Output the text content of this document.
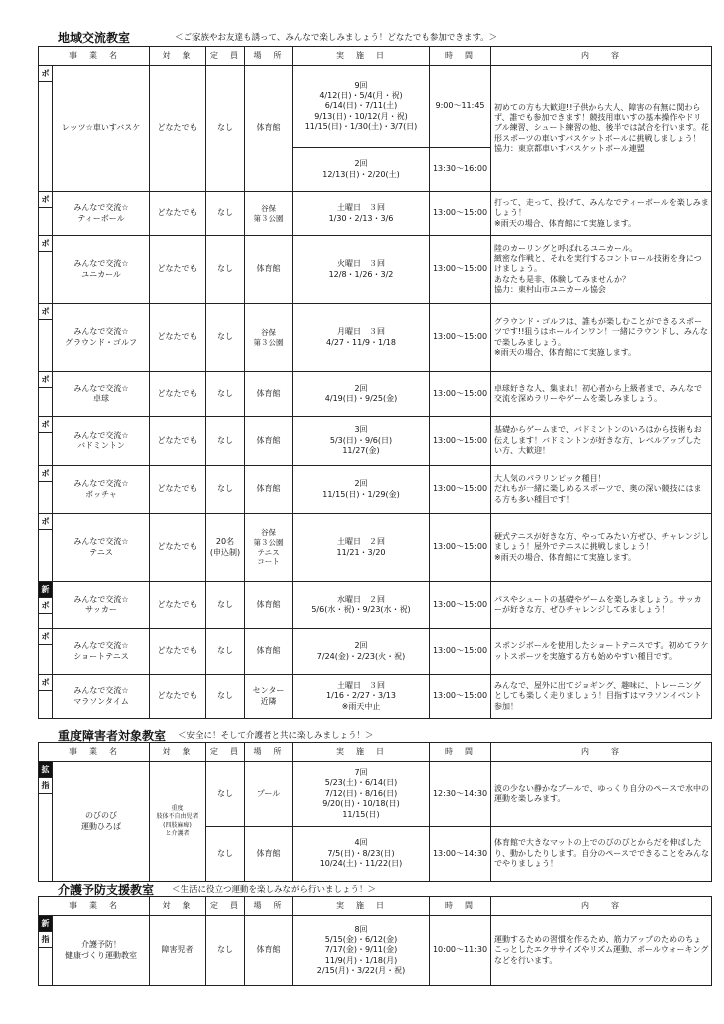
地域交流教室	＜ご家族やお友達も誘って、みんなで楽しみましょう！どなたでも参加できます。＞
事　業　名		対　象	定　員	場　所	実　施　日	時　間	内　　容

ボ	レッツ☆車いすバスケ	どなたでも	なし	体育館	9回
4/12(日)・5/4(月・祝)
6/14(日)・7/11(土)
9/13(日)・10/12(月・祝)
11/15(日)・1/30(土)・3/7(日)	9:00～11:45	初めての方も大歓迎!!子供から大人、障害の有無に関わらず、誰でも参加できます！競技用車いすの基本操作やドリブル練習、シュート練習の他、後半では試合を行います。花形スポーツの車いすバスケットボールに挑戦しましょう！
協力：東京都車いすバスケットボール連盟
					2回
12/13(日)・2/20(土)	13:30～16:00	

ボ	みんなで交流☆
ティーボール	どなたでも	なし	谷保
第３公園	土曜日　３回
1/30・2/13・3/6	13:00～15:00	打って、走って、投げて、みんなでティーボールを楽しみましょう！
※雨天の場合、体育館にて実施します。

ボ	みんなで交流☆
ユニカール	どなたでも	なし	体育館	火曜日　３回
12/8・1/26・3/2	13:00～15:00	陸のカーリングと呼ばれるユニカール。
緻密な作戦と、それを実行するコントロール技術を身につけましょう。
あなたも是非、体験してみませんか？
協力：東村山市ユニカール協会

ボ	みんなで交流☆
グラウンド・ゴルフ	どなたでも	なし	谷保
第３公園	月曜日　３回
4/27・11/9・1/18	13:00～15:00	グラウンド・ゴルフは、誰もが楽しむことができるスポーツです!!狙うはホールインワン！一緒にラウンドし、みんなで楽しみましょう。
※雨天の場合、体育館にて実施します。

ボ	みんなで交流☆
卓球	どなたでも	なし	体育館	2回
4/19(日)・9/25(金)	13:00～15:00	卓球好きな人、集まれ！初心者から上級者まで、みんなで交流を深めラリーやゲームを楽しみましょう。

ボ	みんなで交流☆
バドミントン	どなたでも	なし	体育館	3回
5/3(日)・9/6(日)
11/27(金)	13:00～15:00	基礎からゲームまで、バドミントンのいろはから技術もお伝えします！バドミントンが好きな方、レベルアップしたい方、大歓迎！

ボ	みんなで交流☆
ボッチャ	どなたでも	なし	体育館	2回
11/15(日)・1/29(金)	13:00～15:00	大人気のパラリンピック種目！
だれもが一緒に楽しめるスポーツで、奥の深い競技にはまる方も多い種目です！

ボ	みんなで交流☆
テニス	どなたでも	20名
(申込制)	谷保
第３公園
テニス
コート	土曜日　２回
11/21・3/20	13:00～15:00	硬式テニスが好きな方、やってみたい方ぜひ、チャレンジしましょう！屋外でテニスに挑戦しましょう！
※雨天の場合、体育館にて実施します。

新
ボ	みんなで交流☆
サッカー	どなたでも	なし	体育館	水曜日　２回
5/6(水・祝)・9/23(水・祝)	13:00～15:00	パスやシュートの基礎やゲームを楽しみましょう。サッカーが好きな方、ぜひチャレンジしてみましょう！

ボ	みんなで交流☆
ショートテニス	どなたでも	なし	体育館	2回
7/24(金)・2/23(火・祝)	13:00～15:00	スポンジボールを使用したショートテニスです。初めてラケットスポーツを実施する方も始めやすい種目です。

ボ	みんなで交流☆
マラソンタイム	どなたでも	なし	センター
近隣	土曜日　３回
1/16・2/27・3/13
※雨天中止	13:00～15:00	みんなで、屋外に出てジョギング、趣味に、トレーニングとしても楽しく走りましょう！目指すはマラソンイベント参加！
重度障害者対象教室 ＜安全に！そして介護者と共に楽しみましょう！＞
事　業　名		対　象	定　員	場　所	実　施　日	時　間	内　　容

拡
指	のびのび
運動ひろば	重度
肢体不自由児者
(四肢麻痺)
と介護者	なし	プール	7回
5/23(土)・6/14(日)
7/12(日)・8/16(日)
9/20(日)・10/18(日)
11/15(日)	12:30～14:30	波の少ない静かなプールで、ゆっくり自分のペースで水中の運動を楽しみます。
			なし	体育館	4回
7/5(日)・8/23(日)
10/24(土)・11/22(日)	13:00～14:30	体育館で大きなマットの上でのびのびとからだを伸ばしたり、動かしたりします。自分のペースでできることをみんなでやりましょう！
介護予防支援教室 ＜生活に役立つ運動を楽しみながら行いましょう！＞
事　業　名		対　象	定　員	場　所	実　施　日	時　間	内　　容

新
指	介護予防！
健康づくり運動教室	障害児者	なし	体育館	8回
5/15(金)・6/12(金)
7/17(金)・9/11(金)
11/9(月)・1/18(月)
2/15(月)・3/22(月・祝)	10:00～11:30	運動するための習慣を作るため、筋力アップのためのちょこっとしたエクササイズやリズム運動、ポールウォーキングなどを行います。
